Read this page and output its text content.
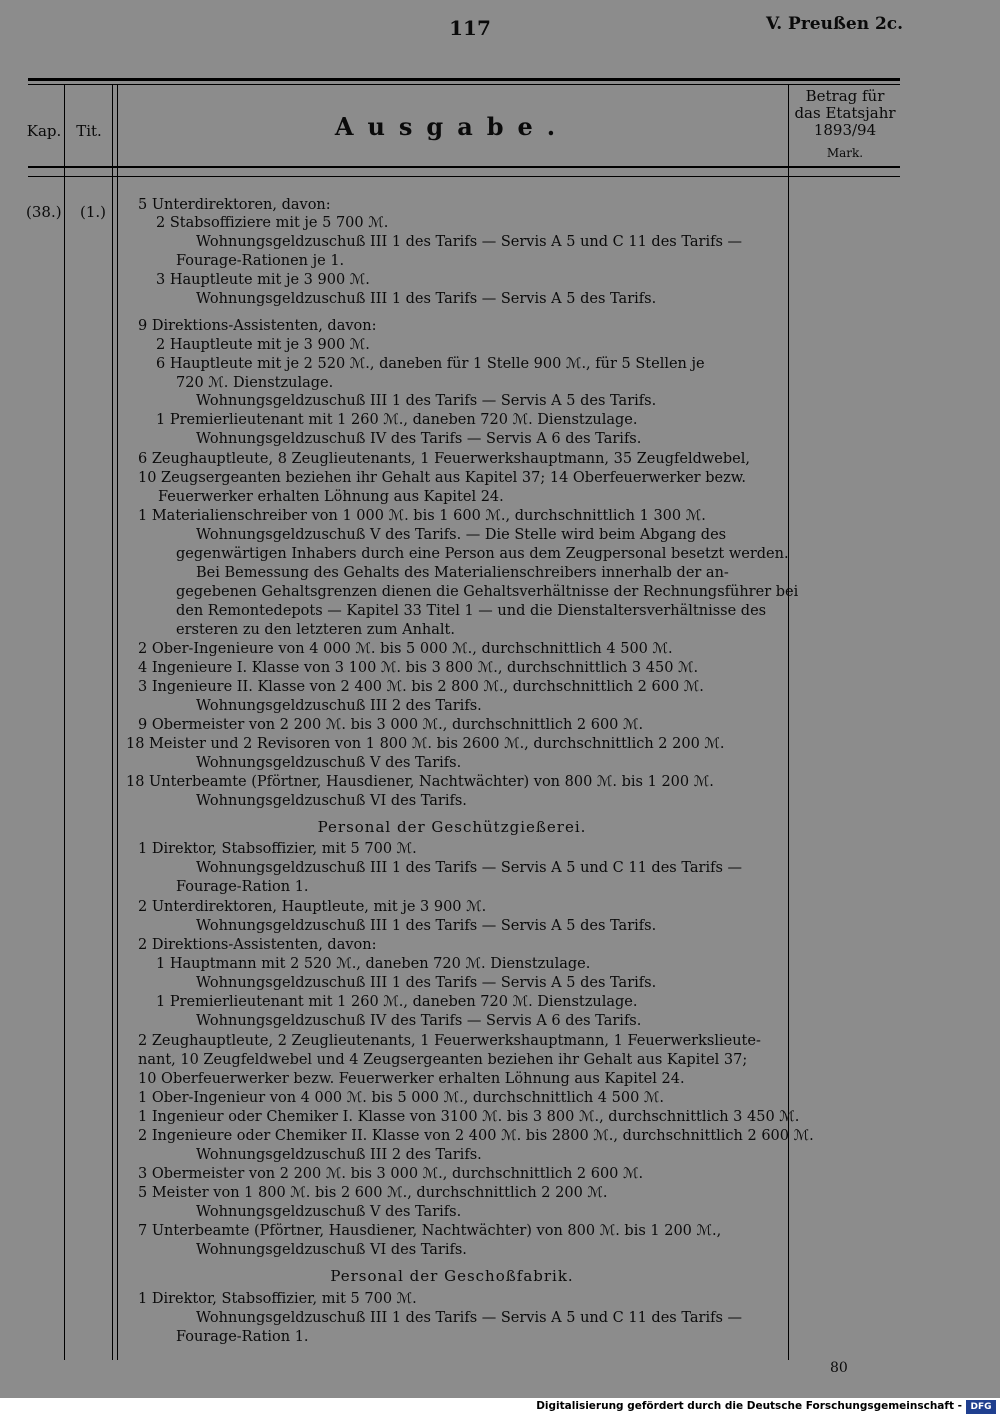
117	V. Preußen 2c.
Kap. Tit.	Ausgabe.
Betrag für
das Etatsjahr
1893/94
Mark.
(38.) (1.) 5 Unterdirektoren, davon:
2 Stabsoffiziere mit je 5 700 ℳ.
Wohnungsgeldzuschuß III 1 des Tarifs — Servis A 5 und C 11 des Tarifs —
Fourage-Rationen je 1.
3 Hauptleute mit je 3 900 ℳ.
Wohnungsgeldzuschuß III 1 des Tarifs — Servis A 5 des Tarifs.
9 Direktions-Assistenten, davon:
2 Hauptleute mit je 3 900 ℳ.
6 Hauptleute mit je 2 520 ℳ., daneben für 1 Stelle 900 ℳ., für 5 Stellen je
720 ℳ. Dienstzulage.
Wohnungsgeldzuschuß III 1 des Tarifs — Servis A 5 des Tarifs.
1 Premierlieutenant mit 1 260 ℳ., daneben 720 ℳ. Dienstzulage.
Wohnungsgeldzuschuß IV des Tarifs — Servis A 6 des Tarifs.
6 Zeughauptleute, 8 Zeuglieutenants, 1 Feuerwerkshauptmann, 35 Zeugfeldwebel,
10 Zeugsergeanten beziehen ihr Gehalt aus Kapitel 37; 14 Oberfeuerwerker bezw.
Feuerwerker erhalten Löhnung aus Kapitel 24.
1 Materialienschreiber von 1 000 ℳ. bis 1 600 ℳ., durchschnittlich 1 300 ℳ.
Wohnungsgeldzuschuß V des Tarifs. — Die Stelle wird beim Abgang des
gegenwärtigen Inhabers durch eine Person aus dem Zeugpersonal besetzt werden.
Bei Bemessung des Gehalts des Materialienschreibers innerhalb der an-
gegebenen Gehaltsgrenzen dienen die Gehaltsverhältnisse der Rechnungsführer bei
den Remontedepots — Kapitel 33 Titel 1 — und die Dienstaltersverhältnisse des
ersteren zu den letzteren zum Anhalt.
2 Ober-Ingenieure von 4 000 ℳ. bis 5 000 ℳ., durchschnittlich 4 500 ℳ.
4 Ingenieure I. Klasse von 3 100 ℳ. bis 3 800 ℳ., durchschnittlich 3 450 ℳ.
3 Ingenieure II. Klasse von 2 400 ℳ. bis 2 800 ℳ., durchschnittlich 2 600 ℳ.
Wohnungsgeldzuschuß III 2 des Tarifs.
9 Obermeister von 2 200 ℳ. bis 3 000 ℳ., durchschnittlich 2 600 ℳ.
18 Meister und 2 Revisoren von 1 800 ℳ. bis 2600 ℳ., durchschnittlich 2 200 ℳ.
Wohnungsgeldzuschuß V des Tarifs.
18 Unterbeamte (Pförtner, Hausdiener, Nachtwächter) von 800 ℳ. bis 1 200 ℳ.
Wohnungsgeldzuschuß VI des Tarifs.
Personal der Geschützgießerei.
1 Direktor, Stabsoffizier, mit 5 700 ℳ.
Wohnungsgeldzuschuß III 1 des Tarifs — Servis A 5 und C 11 des Tarifs —
Fourage-Ration 1.
2 Unterdirektoren, Hauptleute, mit je 3 900 ℳ.
Wohnungsgeldzuschuß III 1 des Tarifs — Servis A 5 des Tarifs.
2 Direktions-Assistenten, davon:
1 Hauptmann mit 2 520 ℳ., daneben 720 ℳ. Dienstzulage.
Wohnungsgeldzuschuß III 1 des Tarifs — Servis A 5 des Tarifs.
1 Premierlieutenant mit 1 260 ℳ., daneben 720 ℳ. Dienstzulage.
Wohnungsgeldzuschuß IV des Tarifs — Servis A 6 des Tarifs.
2 Zeughauptleute, 2 Zeuglieutenants, 1 Feuerwerkshauptmann, 1 Feuerwerkslieute-
nant, 10 Zeugfeldwebel und 4 Zeugsergeanten beziehen ihr Gehalt aus Kapitel 37;
10 Oberfeuerwerker bezw. Feuerwerker erhalten Löhnung aus Kapitel 24.
1 Ober-Ingenieur von 4 000 ℳ. bis 5 000 ℳ., durchschnittlich 4 500 ℳ.
1 Ingenieur oder Chemiker I. Klasse von 3100 ℳ. bis 3 800 ℳ., durchschnittlich 3 450 ℳ.
2 Ingenieure oder Chemiker II. Klasse von 2 400 ℳ. bis 2800 ℳ., durchschnittlich 2 600 ℳ.
Wohnungsgeldzuschuß III 2 des Tarifs.
3 Obermeister von 2 200 ℳ. bis 3 000 ℳ., durchschnittlich 2 600 ℳ.
5 Meister von 1 800 ℳ. bis 2 600 ℳ., durchschnittlich 2 200 ℳ.
Wohnungsgeldzuschuß V des Tarifs.
7 Unterbeamte (Pförtner, Hausdiener, Nachtwächter) von 800 ℳ. bis 1 200 ℳ.,
Wohnungsgeldzuschuß VI des Tarifs.
Personal der Geschoßfabrik.
1 Direktor, Stabsoffizier, mit 5 700 ℳ.
Wohnungsgeldzuschuß III 1 des Tarifs — Servis A 5 und C 11 des Tarifs —
Fourage-Ration 1.
80
Digitalisierung gefördert durch die Deutsche Forschungsgemeinschaft - DFG
